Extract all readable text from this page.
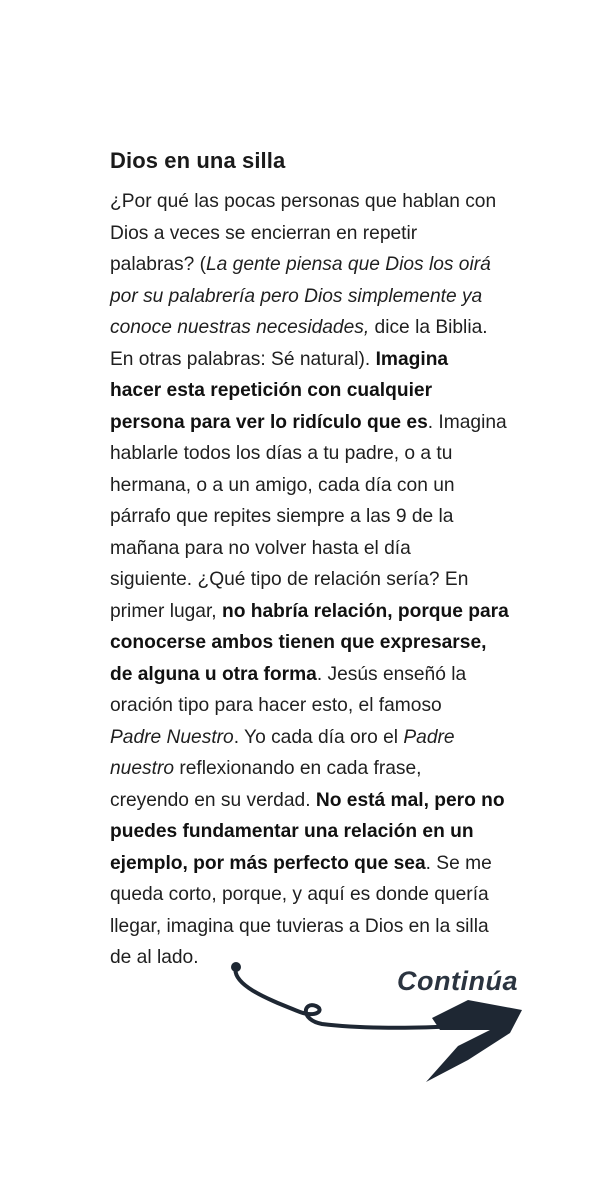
Dios en una silla
¿Por qué las pocas personas que hablan con
Dios a veces se encierran en repetir
palabras? (La gente piensa que Dios los oirá
por su palabrería pero Dios simplemente ya
conoce nuestras necesidades, dice la Biblia.
En otras palabras: Sé natural). Imagina
hacer esta repetición con cualquier
persona para ver lo ridículo que es. Imagina
hablarle todos los días a tu padre, o a tu
hermana, o a un amigo, cada día con un
párrafo que repites siempre a las 9 de la
mañana para no volver hasta el día
siguiente. ¿Qué tipo de relación sería? En
primer lugar, no habría relación, porque para
conocerse ambos tienen que expresarse,
de alguna u otra forma. Jesús enseñó la
oración tipo para hacer esto, el famoso
Padre Nuestro. Yo cada día oro el Padre
nuestro reflexionando en cada frase,
creyendo en su verdad. No está mal, pero no
puedes fundamentar una relación en un
ejemplo, por más perfecto que sea. Se me
queda corto, porque, y aquí es donde quería
llegar, imagina que tuvieras a Dios en la silla
de al lado.
Continúa
